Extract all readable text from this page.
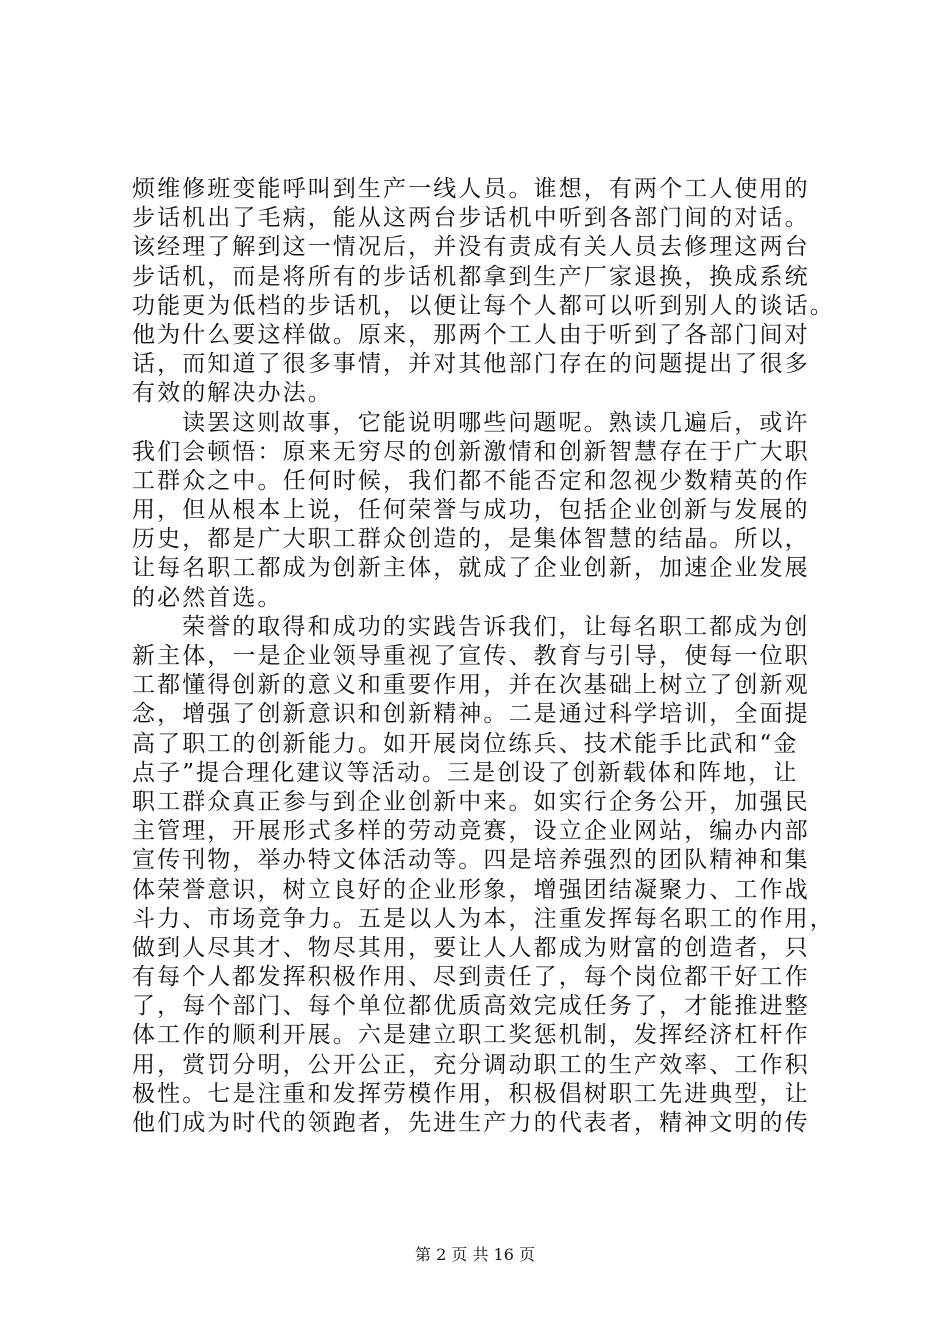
烦维修班变能呼叫到生产一线人员。谁想，有两个工人使用的
步话机出了毛病，能从这两台步话机中听到各部门间的对话。
该经理了解到这一情况后，并没有责成有关人员去修理这两台
步话机，而是将所有的步话机都拿到生产厂家退换，换成系统
功能更为低档的步话机，以便让每个人都可以听到别人的谈话。
他为什么要这样做。原来，那两个工人由于听到了各部门间对
话，而知道了很多事情，并对其他部门存在的问题提出了很多
有效的解决办法。
读罢这则故事，它能说明哪些问题呢。熟读几遍后，或许
我们会顿悟：原来无穷尽的创新激情和创新智慧存在于广大职
工群众之中。任何时候，我们都不能否定和忽视少数精英的作
用，但从根本上说，任何荣誉与成功，包括企业创新与发展的
历史，都是广大职工群众创造的，是集体智慧的结晶。所以，
让每名职工都成为创新主体，就成了企业创新，加速企业发展
的必然首选。
荣誉的取得和成功的实践告诉我们，让每名职工都成为创
新主体，一是企业领导重视了宣传、教育与引导，使每一位职
工都懂得创新的意义和重要作用，并在次基础上树立了创新观
念，增强了创新意识和创新精神。二是通过科学培训，全面提
高了职工的创新能力。如开展岗位练兵、技术能手比武和“金
点子”提合理化建议等活动。三是创设了创新载体和阵地，让
职工群众真正参与到企业创新中来。如实行企务公开，加强民
主管理，开展形式多样的劳动竞赛，设立企业网站，编办内部
宣传刊物，举办特文体活动等。四是培养强烈的团队精神和集
体荣誉意识，树立良好的企业形象，增强团结凝聚力、工作战
斗力、市场竞争力。五是以人为本，注重发挥每名职工的作用，
做到人尽其才、物尽其用，要让人人都成为财富的创造者，只
有每个人都发挥积极作用、尽到责任了，每个岗位都干好工作
了，每个部门、每个单位都优质高效完成任务了，才能推进整
体工作的顺利开展。六是建立职工奖惩机制，发挥经济杠杆作
用，赏罚分明，公开公正，充分调动职工的生产效率、工作积
极性。七是注重和发挥劳模作用，积极倡树职工先进典型，让
他们成为时代的领跑者，先进生产力的代表者，精神文明的传
第 2 页 共 16 页
